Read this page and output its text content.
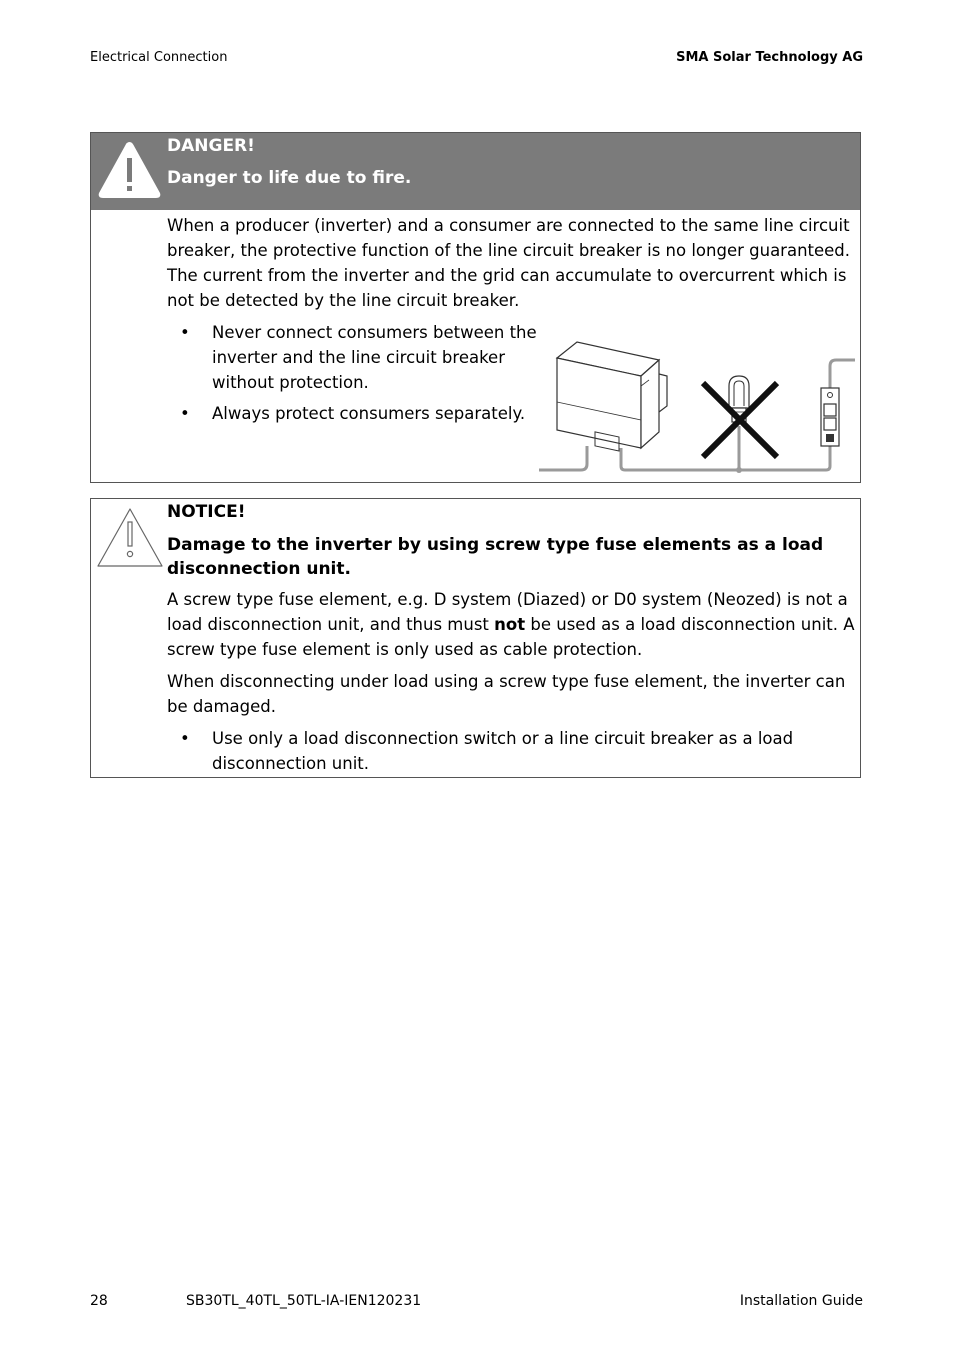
Electrical Connection	SMA Solar Technology AG
DANGER!
Danger to life due to fire.
When a producer (inverter) and a consumer are connected to the same line circuit breaker, the protective function of the line circuit breaker is no longer guaranteed. The current from the inverter and the grid can accumulate to overcurrent which is not be detected by the line circuit breaker.
• Never connect consumers between the inverter and the line circuit breaker without protection.
• Always protect consumers separately.
NOTICE!
Damage to the inverter by using screw type fuse elements as a load disconnection unit.
A screw type fuse element, e.g. D system (Diazed) or D0 system (Neozed) is not a load disconnection unit, and thus must not be used as a load disconnection unit. A screw type fuse element is only used as cable protection.
When disconnecting under load using a screw type fuse element, the inverter can be damaged.
• Use only a load disconnection switch or a line circuit breaker as a load disconnection unit.
28	SB30TL_40TL_50TL-IA-IEN120231	Installation Guide
